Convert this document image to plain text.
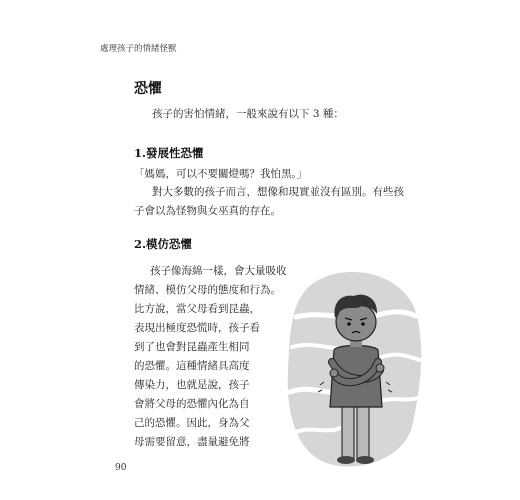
處理孩子的情緒怪獸
恐懼

孩子的害怕情緒，一般來說有以下 3 種：

1.發展性恐懼

「媽媽，可以不要關燈嗎？我怕黑。」

對大多數的孩子而言，想像和現實並沒有區別。有些孩

子會以為怪物與女巫真的存在。

2.模仿恐懼
孩子像海綿一樣，會大量吸收
情緒、模仿父母的態度和行為。
比方說，當父母看到昆蟲，
表現出極度恐慌時，孩子看
到了也會對昆蟲產生相同
的恐懼。這種情緒具高度
傳染力，也就是說，孩子
會將父母的恐懼內化為自
己的恐懼。因此，身為父
母需要留意，盡量避免將
90
